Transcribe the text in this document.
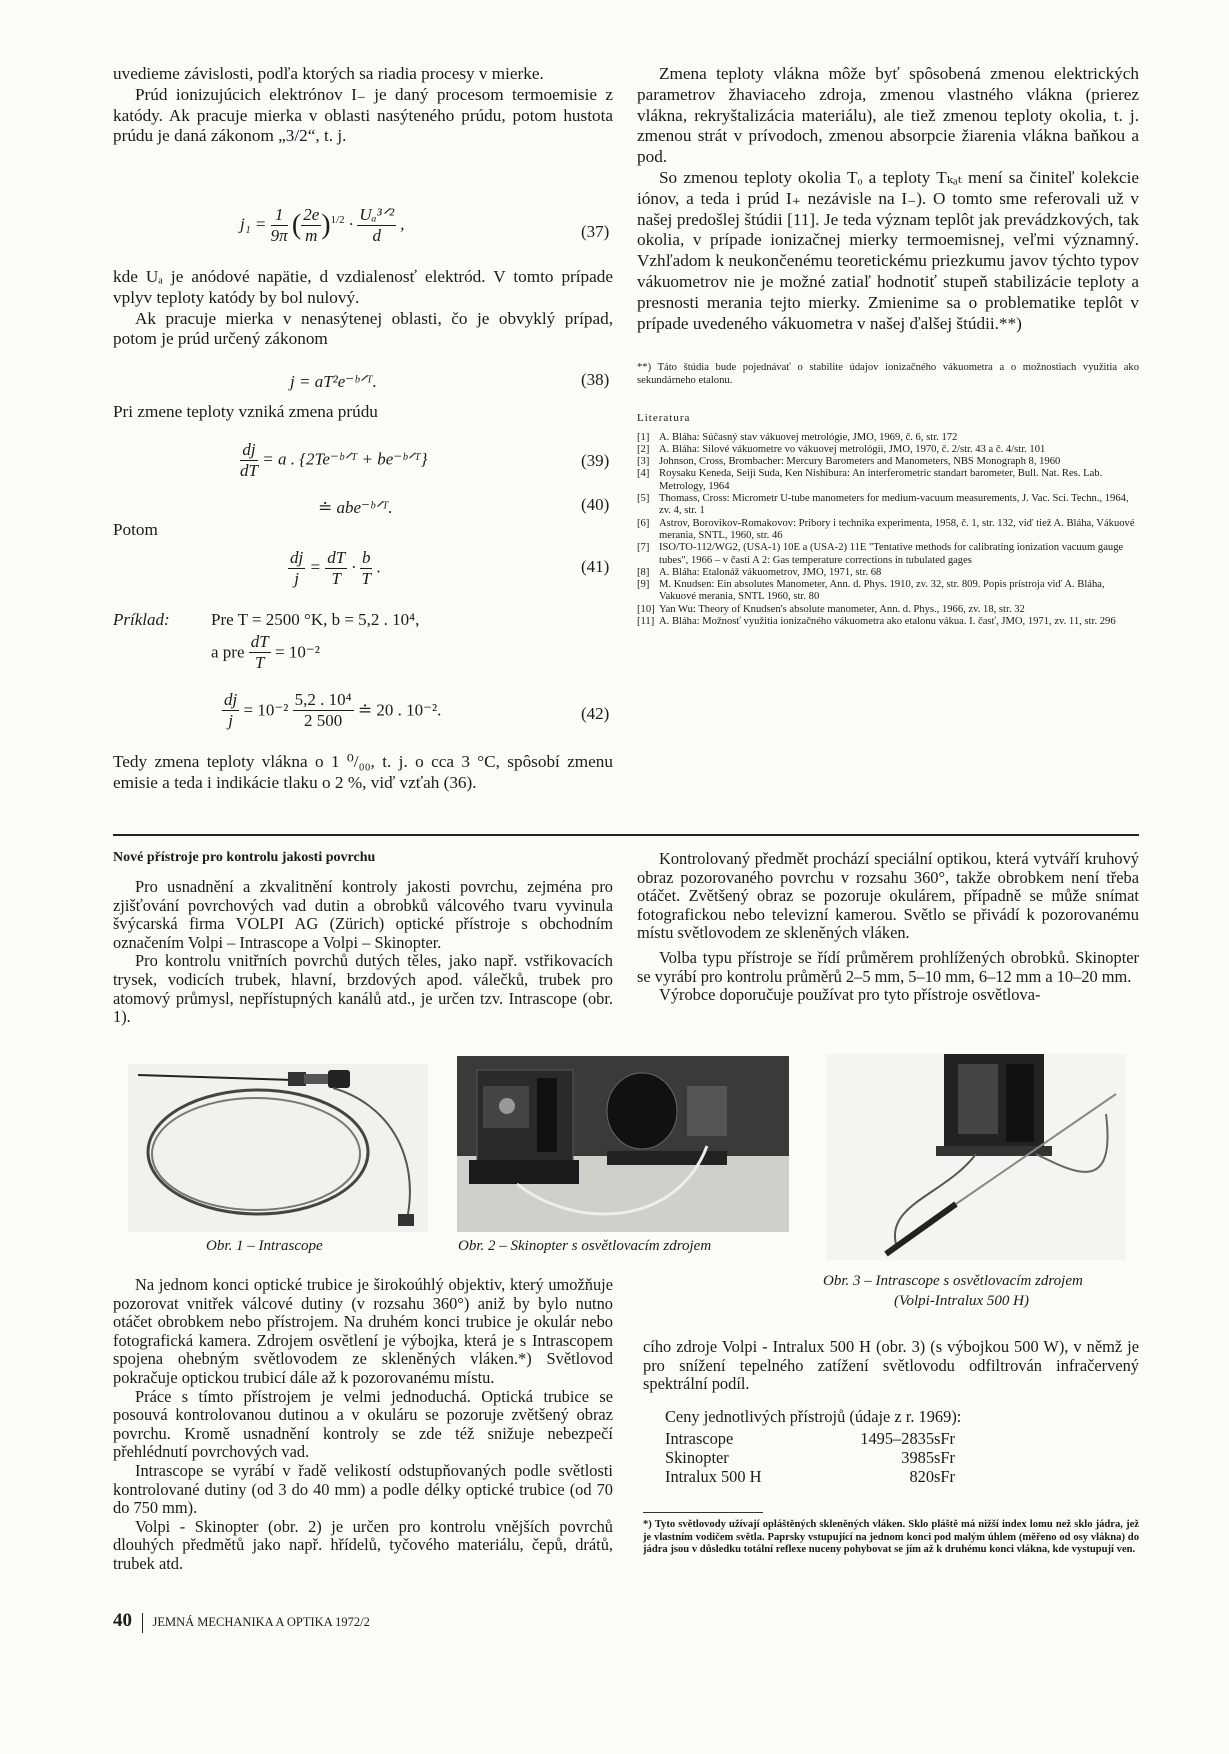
uvedieme závislosti, podľa ktorých sa riadia procesy v mierke.

Prúd ionizujúcich elektrónov I₋ je daný procesom termoemisie z katódy. Ak pracuje mierka v oblasti nasýteného prúdu, potom hustota prúdu je daná zákonom „3/2“, t. j.

$j_1 = \frac{1}{9\pi}$ ( $\frac{2e}{m} )^{1/2} \cdot \frac{\text{Uₐ³ᐟ²}}{d}$ ,	(37)

kde Uₐ je anódové napätie, d vzdialenosť elektród. V tomto prípade vplyv teploty katódy by bol nulový.

Ak pracuje mierka v nenasýtenej oblasti, čo je obvyklý prípad, potom je prúd určený zákonom

j = aT²e⁻ᵇᐟᵀ.	(38)

Pri zmene teploty vzniká zmena prúdu

$\frac{dj}{dT} = a$ . {2Te⁻ᵇᐟᵀ + be⁻ᵇᐟᵀ}	(39)
≐ abe⁻ᵇᐟᵀ.	(40)

Potom

$\frac{dj}{j} = \frac{dT}{T} \cdot \frac{b}{T}$ .	(41)
Príklad: Pre T = 2500 °K, b = 5,2 . 10⁴,
a pre $\frac{dT}{T} = 10^{-2}$
$\frac{dj}{j} = 10^{-2} \frac{\text{5,2 . 10⁴}}{2 500}$ ≐ 20 . 10⁻².	(42)

Tedy zmena teploty vlákna o 1 ⁰/₀₀, t. j. o cca 3 °C, spôsobí zmenu emisie a teda i indikácie tlaku o 2 %, viď vzťah (36).

Zmena teploty vlákna môže byť spôsobená zmenou elektrických parametrov žhaviaceho zdroja, zmenou vlastného vlákna (prierez vlákna, rekryštalizácia materiálu), ale tiež zmenou teploty okolia, t. j. zmenou strát v prívodoch, zmenou absorpcie žiarenia vlákna baňkou a pod.

So zmenou teploty okolia Tₒ a teploty Tₖₐₜ mení sa činiteľ kolekcie iónov, a teda i prúd I₊ nezávisle na I₋). O tomto sme referovali už v našej predošlej štúdii [11]. Je teda význam teplôt jak prevádzkových, tak okolia, v prípade ionizačnej mierky termoemisnej, veľmi významný. Vzhľadom k neukončenému teoretickému priezkumu javov týchto typov vákuometrov nie je možné zatiaľ hodnotiť stupeň stabilizácie teploty a presnosti merania tejto mierky. Zmienime sa o problematike teplôt v prípade uvedeného vákuometra v našej ďalšej štúdii.**)

**) Táto štúdia bude pojednávať o stabilite údajov ionizačného vákuometra a o možnostiach využitia ako sekundárneho etalonu.

Literatura

[1] A. Bláha: Súčasný stav vákuovej metrológie, JMO, 1969, č. 6, str. 172
[2] A. Bláha: Silové vákuometre vo vákuovej metrológii, JMO, 1970, č. 2/str. 43 a č. 4/str. 101
[3] Johnson, Cross, Brombacher: Mercury Barometers and Manometers, NBS Monograph 8, 1960
[4] Roysaku Keneda, Seiji Suda, Ken Nishibura: An interferometric standart barometer, Bull. Nat. Res. Lab. Metrology, 1964
[5] Thomass, Cross: Micrometr U-tube manometers for medium-vacuum measurements, J. Vac. Sci. Techn., 1964, zv. 4, str. 1
[6] Astrov, Borovikov-Romakovov: Pribory i technika experimenta, 1958, č. 1, str. 132, viď tiež A. Bláha, Vákuové merania, SNTL, 1960, str. 46
[7] ISO/TO-112/WG2, (USA-1) 10E a (USA-2) 11E "Tentative methods for calibrating ionization vacuum gauge tubes", 1966 – v časti A 2: Gas temperature corrections in tubulated gages
[8] A. Bláha: Etalonáž vákuometrov, JMO, 1971, str. 68
[9] M. Knudsen: Ein absolutes Manometer, Ann. d. Phys. 1910, zv. 32, str. 809. Popis prístroja viď A. Bláha, Vakuové merania, SNTL 1960, str. 80
[10] Yan Wu: Theory of Knudsen's absolute manometer, Ann. d. Phys., 1966, zv. 18, str. 32
[11] A. Bláha: Možnosť využitia ionizačného vákuometra ako etalonu vákua. I. časť, JMO, 1971, zv. 11, str. 296

Nové přístroje pro kontrolu jakosti povrchu

Pro usnadnění a zkvalitnění kontroly jakosti povrchu, zejména pro zjišťování povrchových vad dutin a obrobků válcového tvaru vyvinula švýcarská firma VOLPI AG (Zürich) optické přístroje s obchodním označením Volpi – Intrascope a Volpi – Skinopter.

Pro kontrolu vnitřních povrchů dutých těles, jako např. vstřikovacích trysek, vodicích trubek, hlavní, brzdových apod. válečků, trubek pro atomový průmysl, nepřístupných kanálů atd., je určen tzv. Intrascope (obr. 1).

Kontrolovaný předmět prochází speciální optikou, která vytváří kruhový obraz pozorovaného povrchu v rozsahu 360°, takže obrobkem není třeba otáčet. Zvětšený obraz se pozoruje okulárem, případně se může snímat fotografickou nebo televizní kamerou. Světlo se přivádí k pozorovanému místu světlovodem ze skleněných vláken.

Volba typu přístroje se řídí průměrem prohlížených obrobků. Skinopter se vyrábí pro kontrolu průměrů 2–5 mm, 5–10 mm, 6–12 mm a 10–20 mm.

Výrobce doporučuje používat pro tyto přístroje osvětlova-

Obr. 1 – Intrascope	Obr. 2 – Skinopter s osvětlovacím zdrojem
Obr. 3 – Intrascope s osvětlovacím zdrojem
(Volpi-Intralux 500 H)

Na jednom konci optické trubice je širokoúhlý objektiv, který umožňuje pozorovat vnitřek válcové dutiny (v rozsahu 360°) aniž by bylo nutno otáčet obrobkem nebo přístrojem. Na druhém konci trubice je okulár nebo fotografická kamera. Zdrojem osvětlení je výbojka, která je s Intrascopem spojena ohebným světlovodem ze skleněných vláken.*) Světlovod pokračuje optickou trubicí dále až k pozorovanému místu.

Práce s tímto přístrojem je velmi jednoduchá. Optická trubice se posouvá kontrolovanou dutinou a v okuláru se pozoruje zvětšený obraz povrchu. Kromě usnadnění kontroly se zde též snižuje nebezpečí přehlédnutí povrchových vad.

Intrascope se vyrábí v řadě velikostí odstupňovaných podle světlosti kontrolované dutiny (od 3 do 40 mm) a podle délky optické trubice (od 70 do 750 mm).

Volpi - Skinopter (obr. 2) je určen pro kontrolu vnějších povrchů dlouhých předmětů jako např. hřídelů, tyčového materiálu, čepů, drátů, trubek atd.

cího zdroje Volpi - Intralux 500 H (obr. 3) (s výbojkou 500 W), v němž je pro snížení tepelného zatížení světlovodu odfiltrován infračervený spektrální podíl.

Ceny jednotlivých přístrojů (údaje z r. 1969):

Intrascope	1495–2835sFr
Skinopter	3985sFr
Intralux 500 H	820sFr

*) Tyto světlovody užívají opláštěných skleněných vláken. Sklo pláště má nižší index lomu než sklo jádra, jež je vlastním vodičem světla. Paprsky vstupující na jednom konci pod malým úhlem (měřeno od osy vlákna) do jádra jsou v důsledku totální reflexe nuceny pohybovat se jím až k druhému konci vlákna, kde vystupují ven.

40 JEMNÁ MECHANIKA A OPTIKA 1972/2
